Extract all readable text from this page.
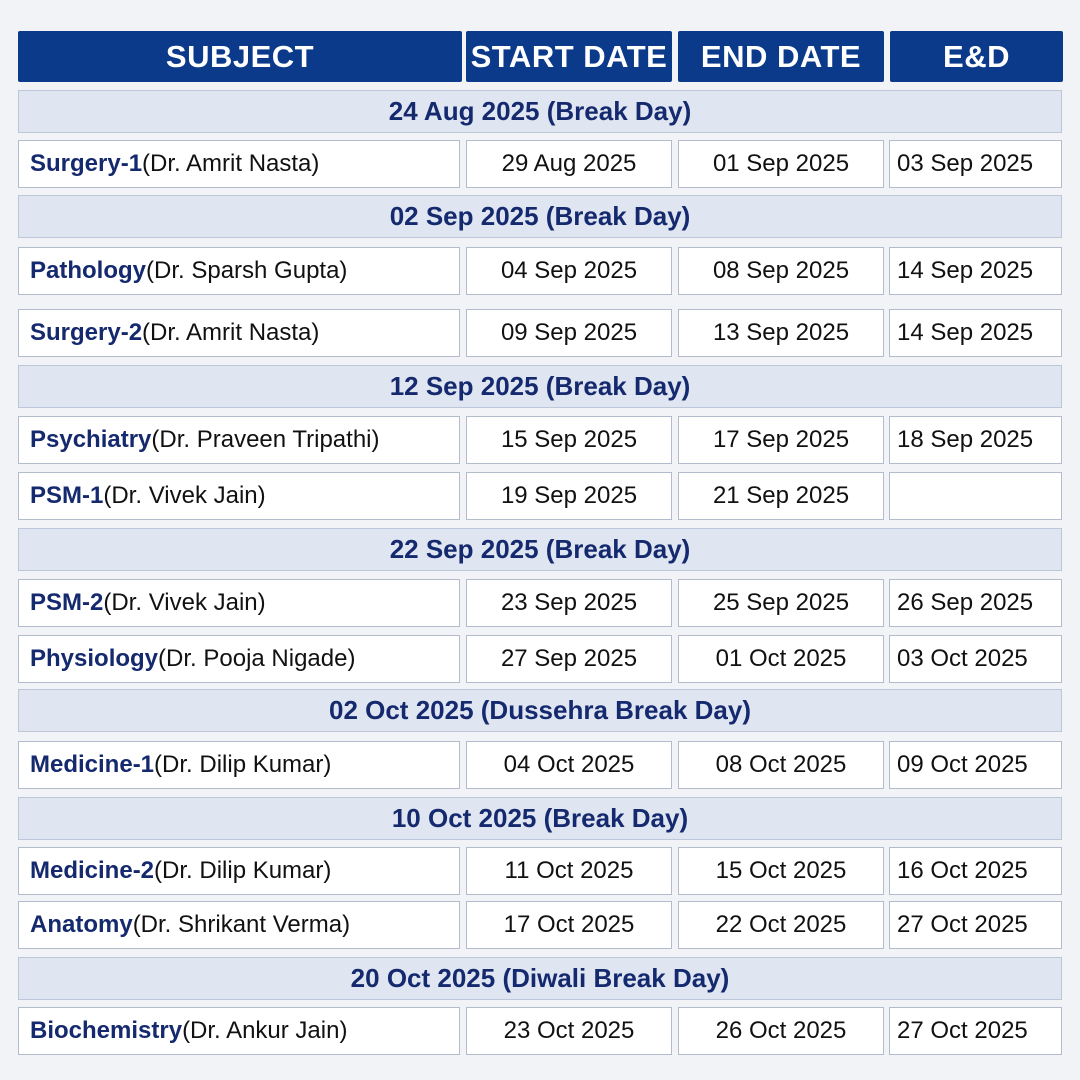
SUBJECT	START DATE	END DATE	E&D
24 Aug 2025 (Break Day)
Surgery-1 (Dr. Amrit Nasta)	29 Aug 2025	01 Sep 2025	03 Sep 2025
02 Sep 2025 (Break Day)
Pathology (Dr. Sparsh Gupta)	04 Sep 2025	08 Sep 2025	14 Sep 2025
Surgery-2 (Dr. Amrit Nasta)	09 Sep 2025	13 Sep 2025	14 Sep 2025
12 Sep 2025 (Break Day)
Psychiatry (Dr. Praveen Tripathi)	15 Sep 2025	17 Sep 2025	18 Sep 2025
PSM-1 (Dr. Vivek Jain)	19 Sep 2025	21 Sep 2025
22 Sep 2025 (Break Day)
PSM-2 (Dr. Vivek Jain)	23 Sep 2025	25 Sep 2025	26 Sep 2025
Physiology (Dr. Pooja Nigade)	27 Sep 2025	01 Oct 2025	03 Oct 2025
02 Oct 2025 (Dussehra Break Day)
Medicine-1 (Dr. Dilip Kumar)	04 Oct 2025	08 Oct 2025	09 Oct 2025
10 Oct 2025 (Break Day)
Medicine-2 (Dr. Dilip Kumar)	11 Oct 2025	15 Oct 2025	16 Oct 2025
Anatomy (Dr. Shrikant Verma)	17 Oct 2025	22 Oct 2025	27 Oct 2025
20 Oct 2025 (Diwali Break Day)
Biochemistry (Dr. Ankur Jain)	23 Oct 2025	26 Oct 2025	27 Oct 2025
